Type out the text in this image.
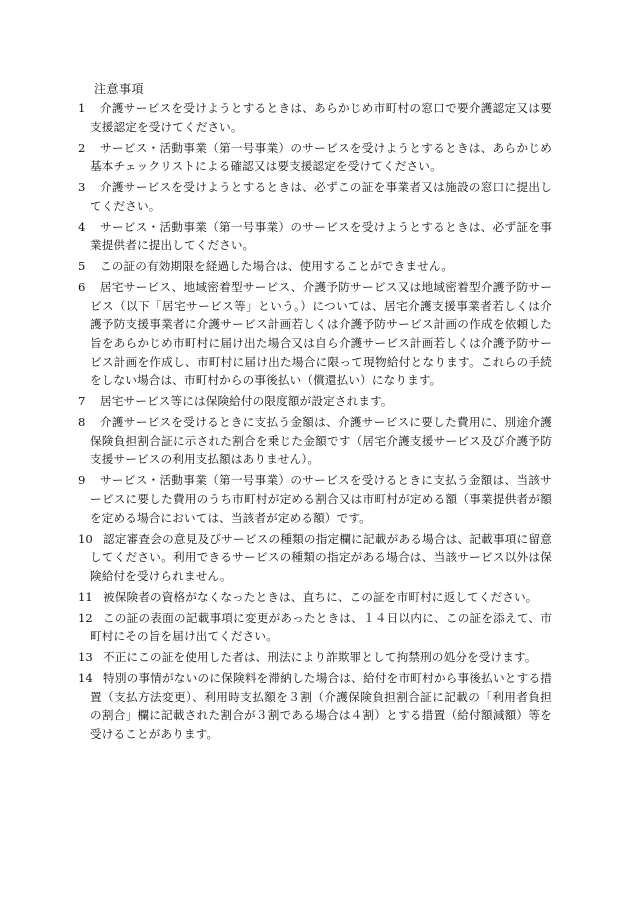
注意事項
1	介護サービスを受けようとするときは、あらかじめ市町村の窓口で要介護認定又は要支援認定を受けてください。
2	サービス・活動事業（第一号事業）のサービスを受けようとするときは、あらかじめ基本チェックリストによる確認又は要支援認定を受けてください。
3	介護サービスを受けようとするときは、必ずこの証を事業者又は施設の窓口に提出してください。
4	サービス・活動事業（第一号事業）のサービスを受けようとするときは、必ず証を事業提供者に提出してください。
5	この証の有効期限を経過した場合は、使用することができません。
6	居宅サービス、地域密着型サービス、介護予防サービス又は地域密着型介護予防サービス（以下「居宅サービス等」という。）については、居宅介護支援事業者若しくは介護予防支援事業者に介護サービス計画若しくは介護予防サービス計画の作成を依頼した旨をあらかじめ市町村に届け出た場合又は自ら介護サービス計画若しくは介護予防サービス計画を作成し、市町村に届け出た場合に限って現物給付となります。これらの手続をしない場合は、市町村からの事後払い（償還払い）になります。
7	居宅サービス等には保険給付の限度額が設定されます。
8	介護サービスを受けるときに支払う金額は、介護サービスに要した費用に、別途介護保険負担割合証に示された割合を乗じた金額です（居宅介護支援サービス及び介護予防支援サービスの利用支払額はありません）。
9	サービス・活動事業（第一号事業）のサービスを受けるときに支払う金額は、当該サービスに要した費用のうち市町村が定める割合又は市町村が定める額（事業提供者が額を定める場合においては、当該者が定める額）です。
10 認定審査会の意見及びサービスの種類の指定欄に記載がある場合は、記載事項に留意してください。利用できるサービスの種類の指定がある場合は、当該サービス以外は保険給付を受けられません。
11 被保険者の資格がなくなったときは、直ちに、この証を市町村に返してください。
12 この証の表面の記載事項に変更があったときは、１４日以内に、この証を添えて、市町村にその旨を届け出てください。
13 不正にこの証を使用した者は、刑法により詐欺罪として拘禁刑の処分を受けます。
14 特別の事情がないのに保険料を滞納した場合は、給付を市町村から事後払いとする措置（支払方法変更）、利用時支払額を３割（介護保険負担割合証に記載の「利用者負担の割合」欄に記載された割合が３割である場合は４割）とする措置（給付額減額）等を受けることがあります。
